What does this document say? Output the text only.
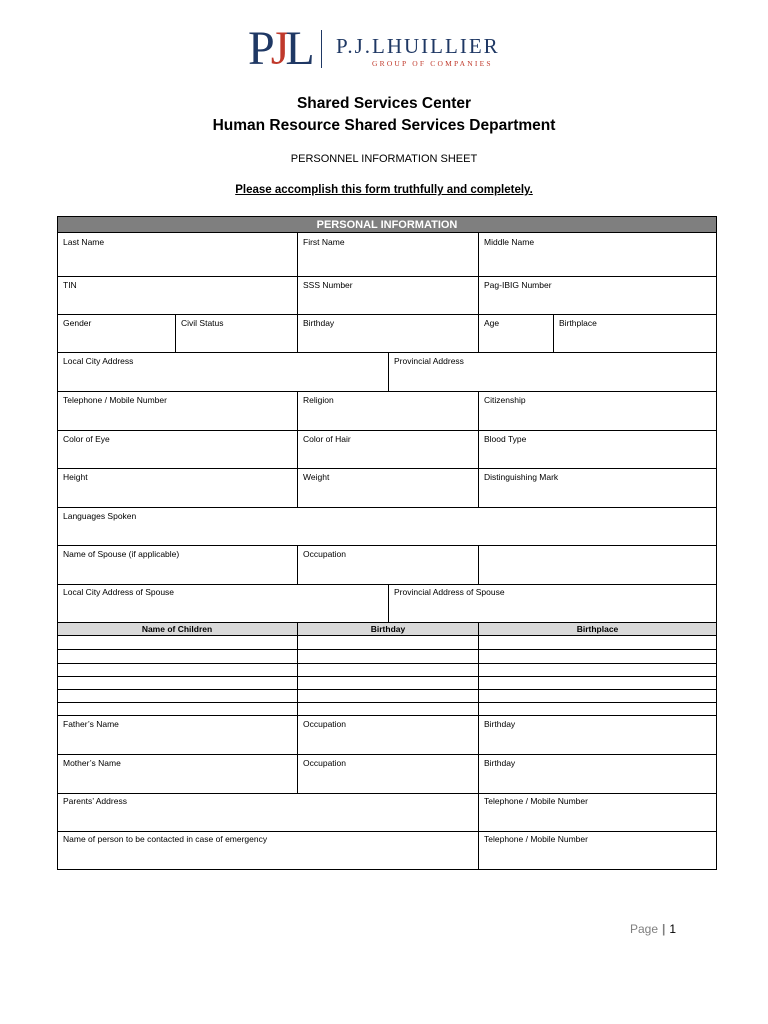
PJL P.J.LHUILLIER
GROUP OF COMPANIES
Shared Services Center
Human Resource Shared Services Department
PERSONNEL INFORMATION SHEET
Please accomplish this form truthfully and completely.
PERSONAL INFORMATION
Last Name	First Name	Middle Name
TIN	SSS Number	Pag-IBIG Number
Gender	Civil Status	Birthday	Age	Birthplace
Local City Address	Provincial Address
Telephone / Mobile Number	Religion	Citizenship
Color of Eye	Color of Hair	Blood Type
Height	Weight	Distinguishing Mark
Languages Spoken
Name of Spouse (if applicable)	Occupation
Local City Address of Spouse	Provincial Address of Spouse
Name of Children	Birthday	Birthplace
Father’s Name	Occupation	Birthday
Mother’s Name	Occupation	Birthday
Parents’ Address	Telephone / Mobile Number
Name of person to be contacted in case of emergency	Telephone / Mobile Number
Page | 1
